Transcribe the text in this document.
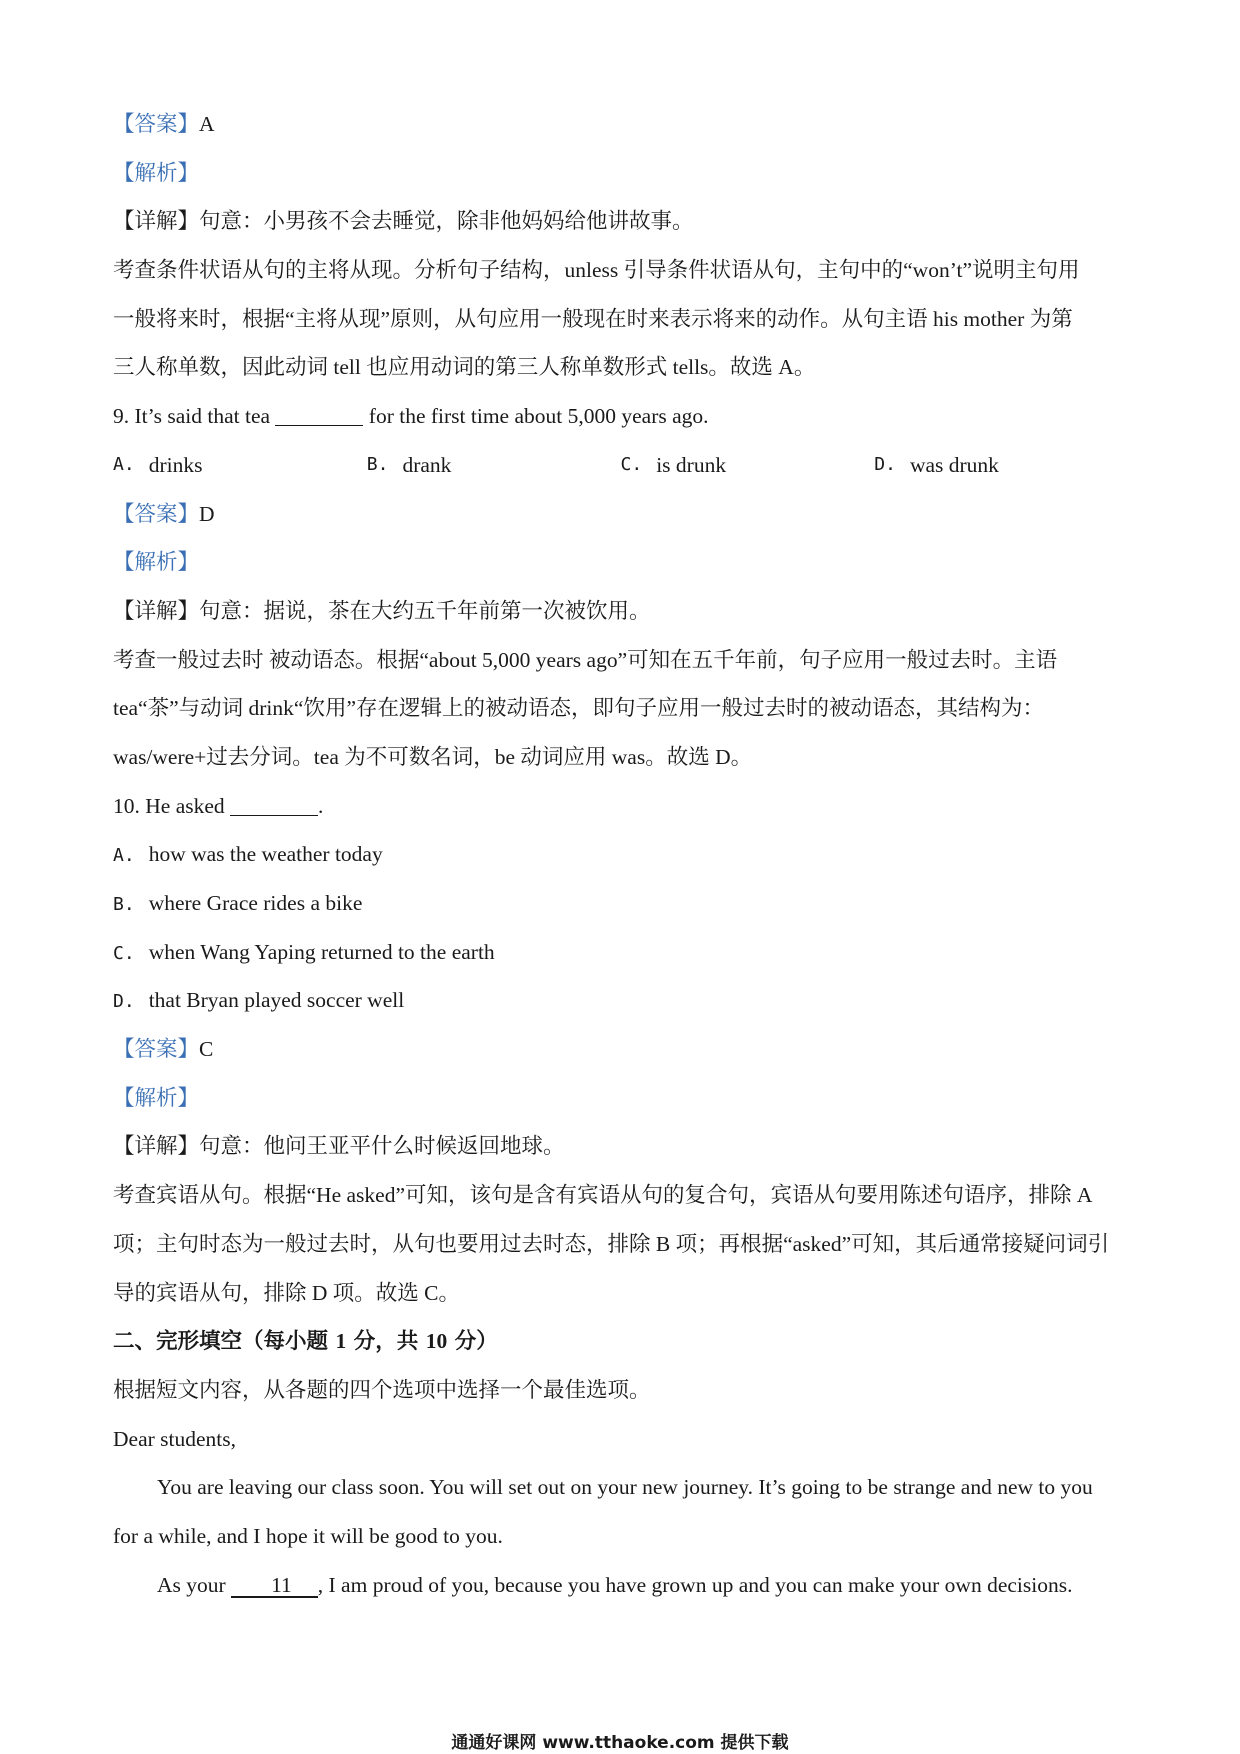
【答案】A
【解析】
【详解】句意：小男孩不会去睡觉，除非他妈妈给他讲故事。
考查条件状语从句的主将从现。分析句子结构，unless 引导条件状语从句，主句中的“won’t”说明主句用
一般将来时，根据“主将从现”原则，从句应用一般现在时来表示将来的动作。从句主语 his mother 为第
三人称单数，因此动词 tell 也应用动词的第三人称单数形式 tells。故选 A。
9. It’s said that tea	for the first time about 5,000 years ago.
A. drinks	B. drank	C. is drunk	D. was drunk
【答案】D
【解析】
【详解】句意：据说，茶在大约五千年前第一次被饮用。
考查一般过去时 被动语态。根据“about 5,000 years ago”可知在五千年前，句子应用一般过去时。主语
tea“茶”与动词 drink“饮用”存在逻辑上的被动语态，即句子应用一般过去时的被动语态，其结构为：
was/were+过去分词。tea 为不可数名词，be 动词应用 was。故选 D。
10. He asked	.
A. how was the weather today
B. where Grace rides a bike
C. when Wang Yaping returned to the earth
D. that Bryan played soccer well
【答案】C
【解析】
【详解】句意：他问王亚平什么时候返回地球。
考查宾语从句。根据“He asked”可知，该句是含有宾语从句的复合句，宾语从句要用陈述句语序，排除 A
项；主句时态为一般过去时，从句也要用过去时态，排除 B 项；再根据“asked”可知，其后通常接疑问词引
导的宾语从句，排除 D 项。故选 C。
二、完形填空（每小题 1 分，共 10 分）
根据短文内容，从各题的四个选项中选择一个最佳选项。
Dear students,
You are leaving our class soon. You will set out on your new journey. It’s going to be strange and new to you
for a while, and I hope it will be good to you.
As your 11 , I am proud of you, because you have grown up and you can make your own decisions.
通通好课网 www.tthaoke.com 提供下载
